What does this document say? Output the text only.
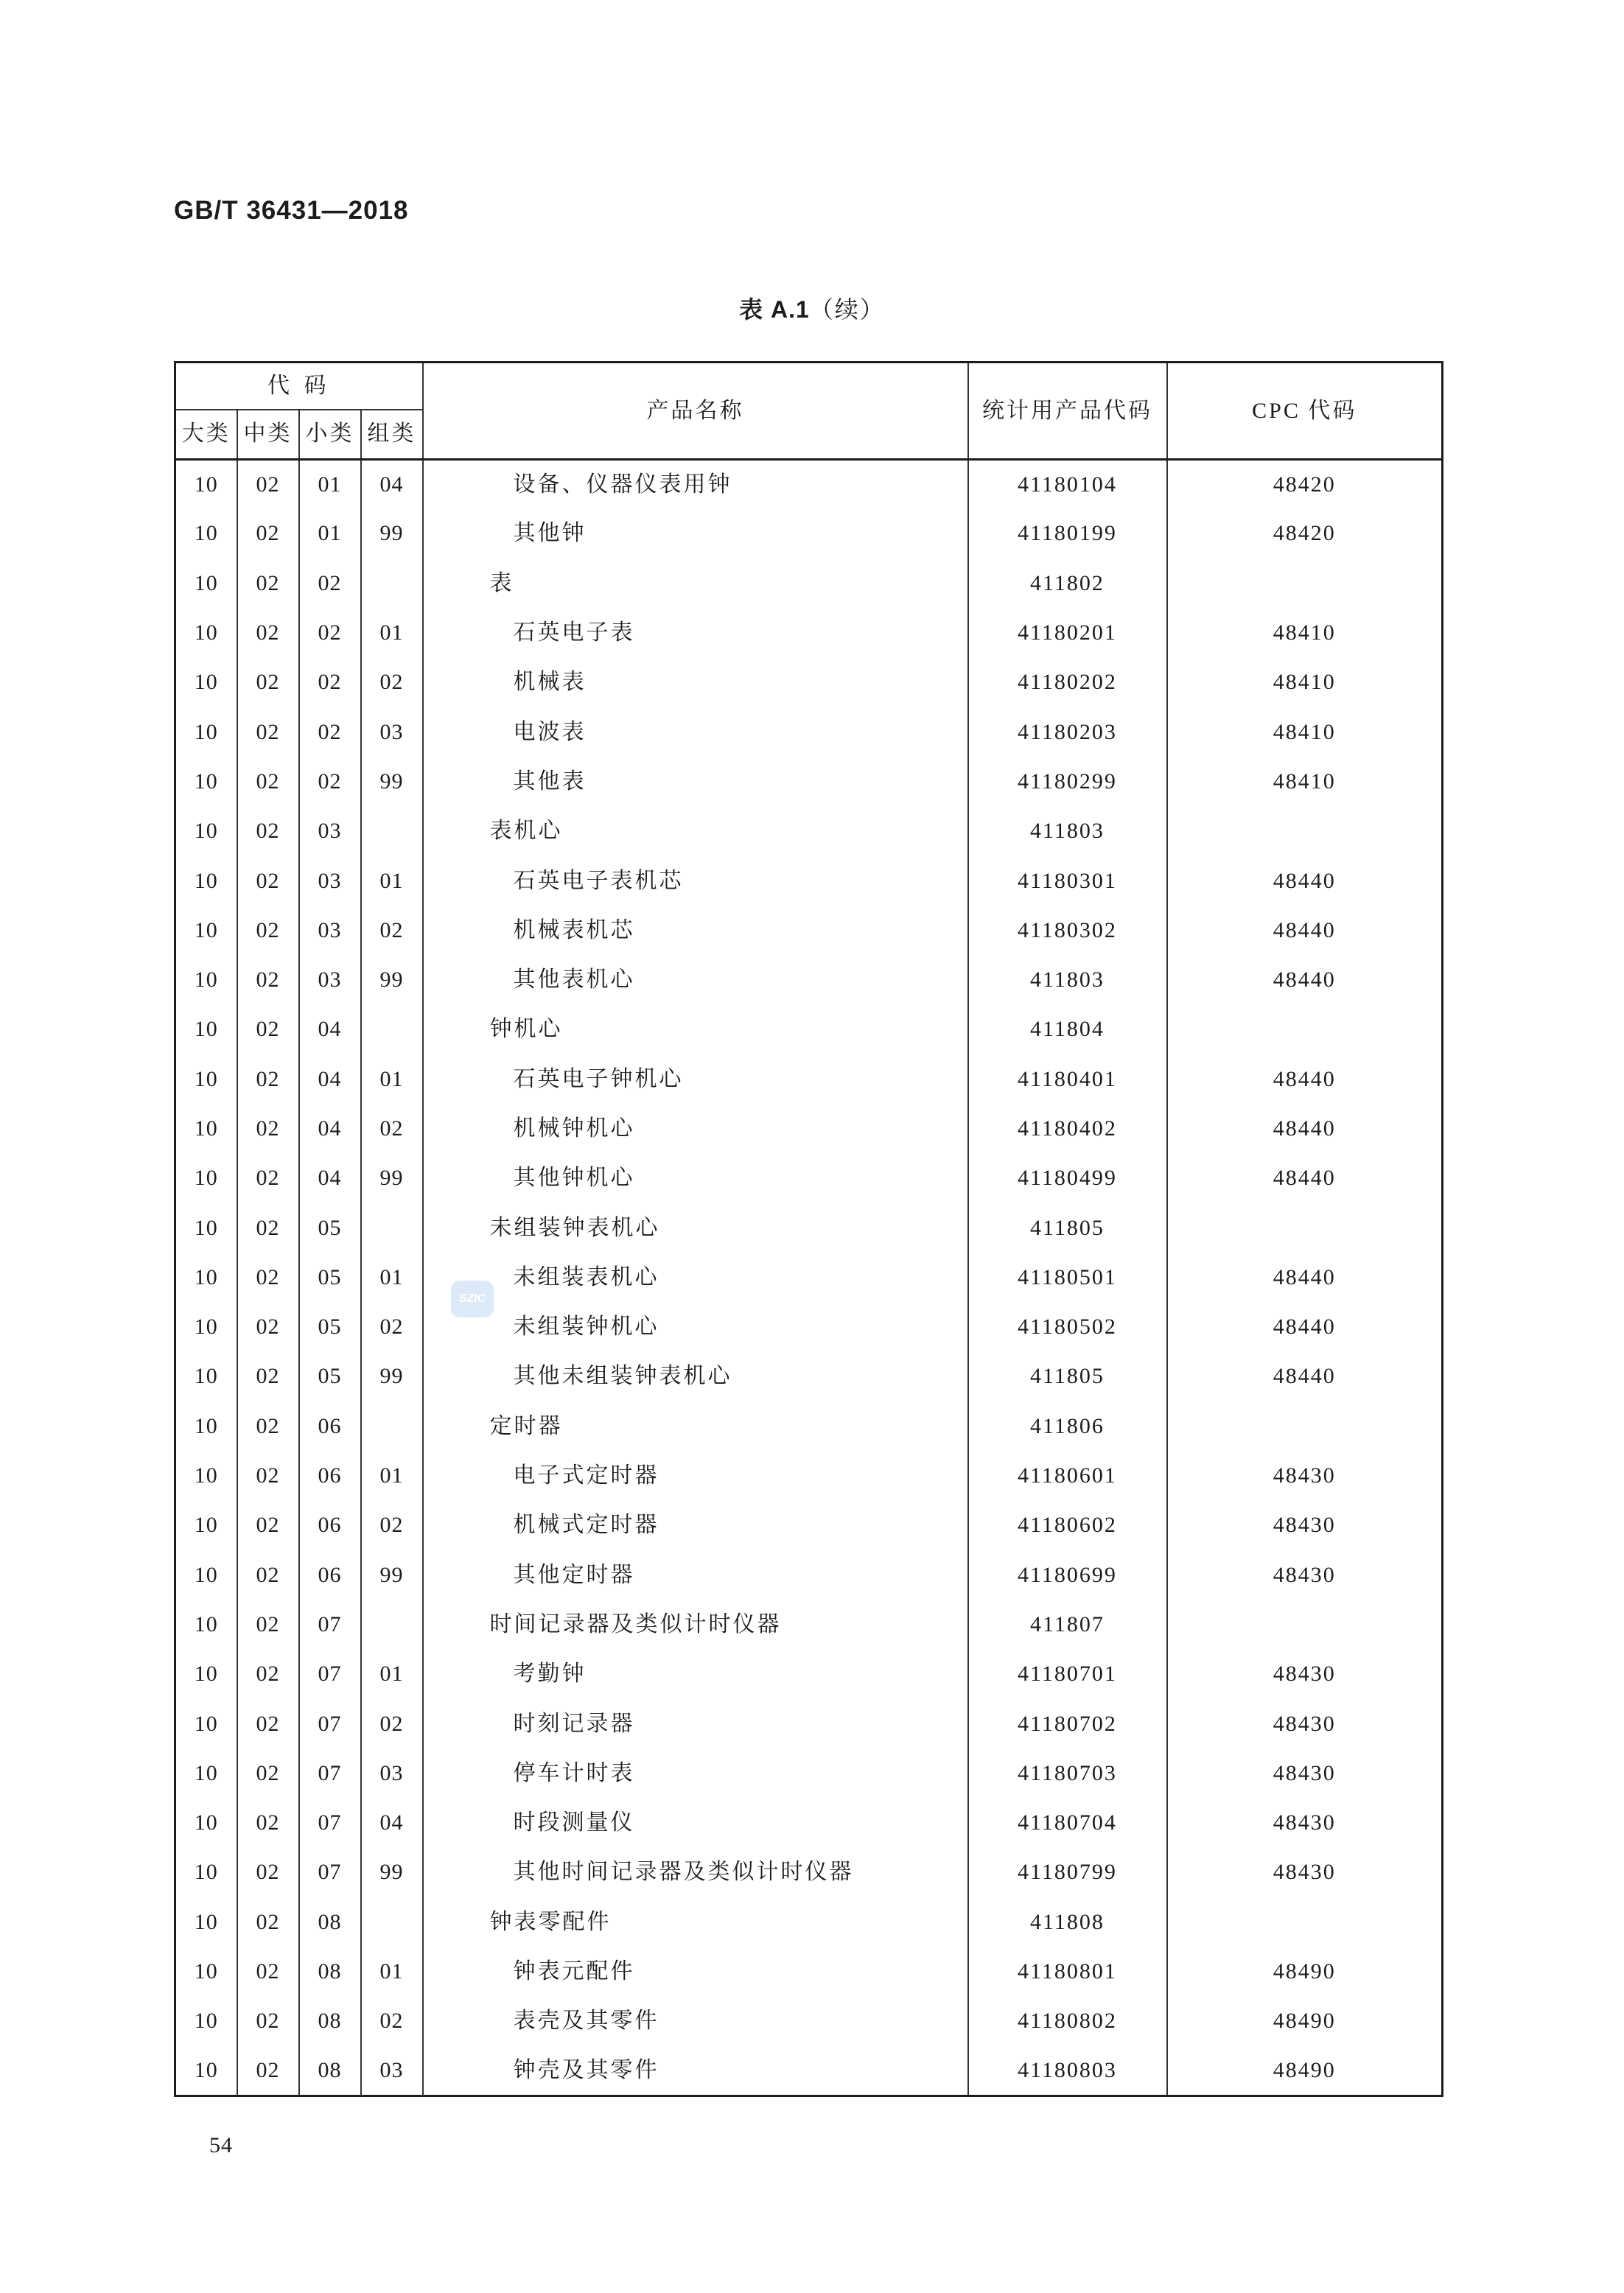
GB/T 36431—2018

表 A.1（续）
代 码				产品名称	统计用产品代码	CPC 代码
大类	中类	小类	组类			
10	02	01	04	设备、仪器仪表用钟	41180104	48420
10	02	01	99	其他钟	41180199	48420
10	02	02		表	411802	
10	02	02	01	石英电子表	41180201	48410
10	02	02	02	机械表	41180202	48410
10	02	02	03	电波表	41180203	48410
10	02	02	99	其他表	41180299	48410
10	02	03		表机心	411803	
10	02	03	01	石英电子表机芯	41180301	48440
10	02	03	02	机械表机芯	41180302	48440
10	02	03	99	其他表机心	411803	48440
10	02	04		钟机心	411804	
10	02	04	01	石英电子钟机心	41180401	48440
10	02	04	02	机械钟机心	41180402	48440
10	02	04	99	其他钟机心	41180499	48440
10	02	05		未组装钟表机心	411805	
10	02	05	01	未组装表机心	41180501	48440
10	02	05	02	未组装钟机心	41180502	48440
10	02	05	99	其他未组装钟表机心	411805	48440
10	02	06		定时器	411806	
10	02	06	01	电子式定时器	41180601	48430
10	02	06	02	机械式定时器	41180602	48430
10	02	06	99	其他定时器	41180699	48430
10	02	07		时间记录器及类似计时仪器	411807	
10	02	07	01	考勤钟	41180701	48430
10	02	07	02	时刻记录器	41180702	48430
10	02	07	03	停车计时表	41180703	48430
10	02	07	04	时段测量仪	41180704	48430
10	02	07	99	其他时间记录器及类似计时仪器	41180799	48430
10	02	08		钟表零配件	411808	
10	02	08	01	钟表元配件	41180801	48490
10	02	08	02	表壳及其零件	41180802	48490
10	02	08	03	钟壳及其零件	41180803	48490
SZIC

54
